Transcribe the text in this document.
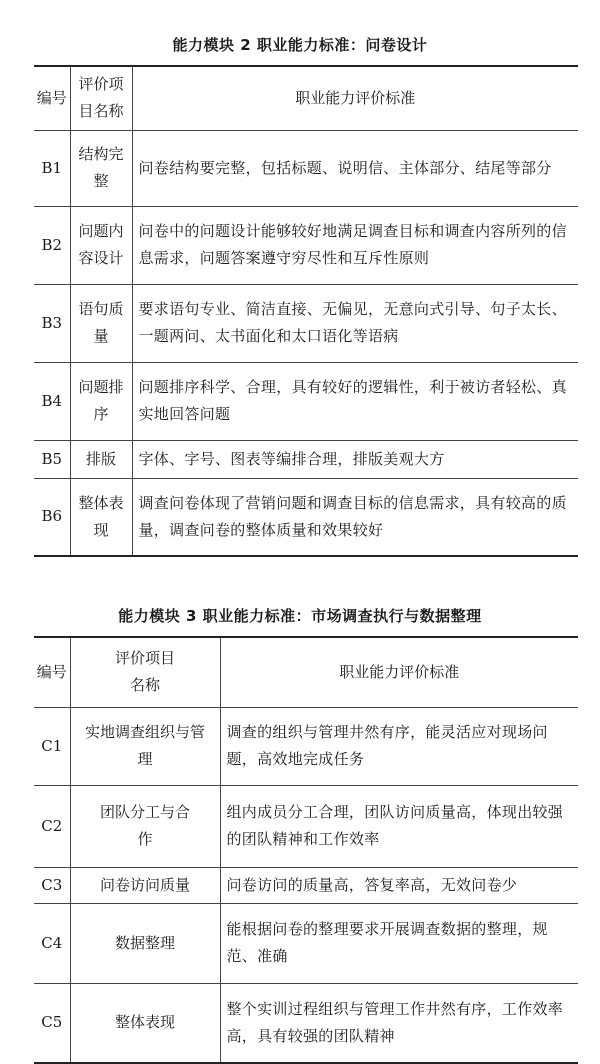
能力模块 2 职业能力标准：问卷设计
编号	评价项目名称	职业能力评价标准
B1	结构完整	问卷结构要完整，包括标题、说明信、主体部分、结尾等部分
B2	问题内容设计	问卷中的问题设计能够较好地满足调查目标和调查内容所列的信息需求，问题答案遵守穷尽性和互斥性原则
B3	语句质量	要求语句专业、简洁直接、无偏见，无意向式引导、句子太长、一题两问、太书面化和太口语化等语病
B4	问题排序	问题排序科学、合理，具有较好的逻辑性，利于被访者轻松、真实地回答问题
B5	排版	字体、字号、图表等编排合理，排版美观大方
B6	整体表现	调查问卷体现了营销问题和调查目标的信息需求，具有较高的质量，调查问卷的整体质量和效果较好
能力模块 3 职业能力标准：市场调查执行与数据整理
编号	评价项目名称	职业能力评价标准
C1	实地调查组织与管理	调查的组织与管理井然有序，能灵活应对现场问题，高效地完成任务
C2	团队分工与合作	组内成员分工合理，团队访问质量高，体现出较强的团队精神和工作效率
C3	问卷访问质量	问卷访问的质量高，答复率高，无效问卷少
C4	数据整理	能根据问卷的整理要求开展调查数据的整理，规范、准确
C5	整体表现	整个实训过程组织与管理工作井然有序，工作效率高，具有较强的团队精神
